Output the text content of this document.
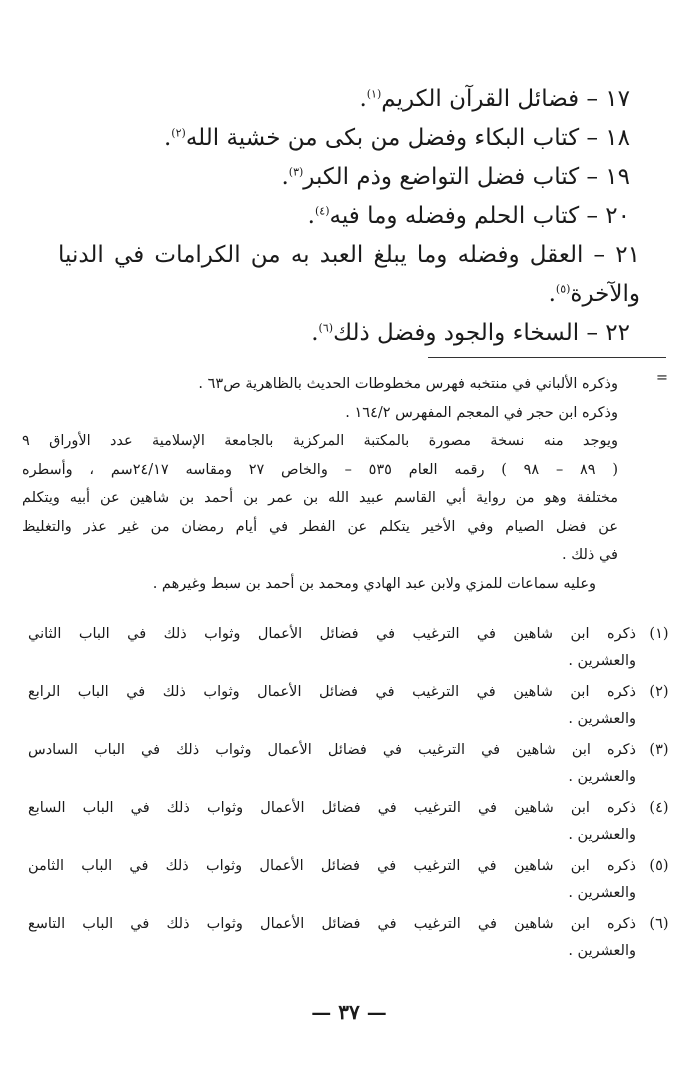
١٧ – فضائل القرآن الكريم$^{(١)}$.
١٨ – كتاب البكاء وفضل من بكى من خشية الله$^{(٢)}$.
١٩ – كتاب فضل التواضع وذم الكبر$^{(٣)}$.
٢٠ – كتاب الحلم وفضله وما فيه$^{(٤)}$.
٢١ – العقل وفضله وما يبلغ العبد به من الكرامات في الدنيا
والآخرة$^{(٥)}$.
٢٢ – السخاء والجود وفضل ذلك$^{(٦)}$.
=
وذكره الألباني في منتخبه فهرس مخطوطات الحديث بالظاهرية ص٦٣ .
وذكره ابن حجر في المعجم المفهرس ١٦٤/٢ .
ويوجد منه نسخة مصورة بالمكتبة المركزية بالجامعة الإسلامية عدد الأوراق ٩
( ٨٩ – ٩٨ ) رقمه العام ٥٣٥ – والخاص ٢٧ ومقاسه ٢٤/١٧سم ، وأسطره
مختلفة وهو من رواية أبي القاسم عبيد الله بن عمر بن أحمد بن شاهين عن أبيه ويتكلم
عن فضل الصيام وفي الأخير يتكلم عن الفطر في أيام رمضان من غير عذر والتغليظ
في ذلك .
وعليه سماعات للمزي ولابن عبد الهادي ومحمد بن أحمد بن سبط وغيرهم .
(١)
ذكره ابن شاهين في الترغيب في فضائل الأعمال وثواب ذلك في الباب الثاني
والعشرين .
(٢)
ذكره ابن شاهين في الترغيب في فضائل الأعمال وثواب ذلك في الباب الرابع
والعشرين .
(٣)
ذكره ابن شاهين في الترغيب في فضائل الأعمال وثواب ذلك في الباب السادس
والعشرين .
(٤)
ذكره ابن شاهين في الترغيب في فضائل الأعمال وثواب ذلك في الباب السابع
والعشرين .
(٥)
ذكره ابن شاهين في الترغيب في فضائل الأعمال وثواب ذلك في الباب الثامن
والعشرين .
(٦)
ذكره ابن شاهين في الترغيب في فضائل الأعمال وثواب ذلك في الباب التاسع
والعشرين .
— ٣٧ —
